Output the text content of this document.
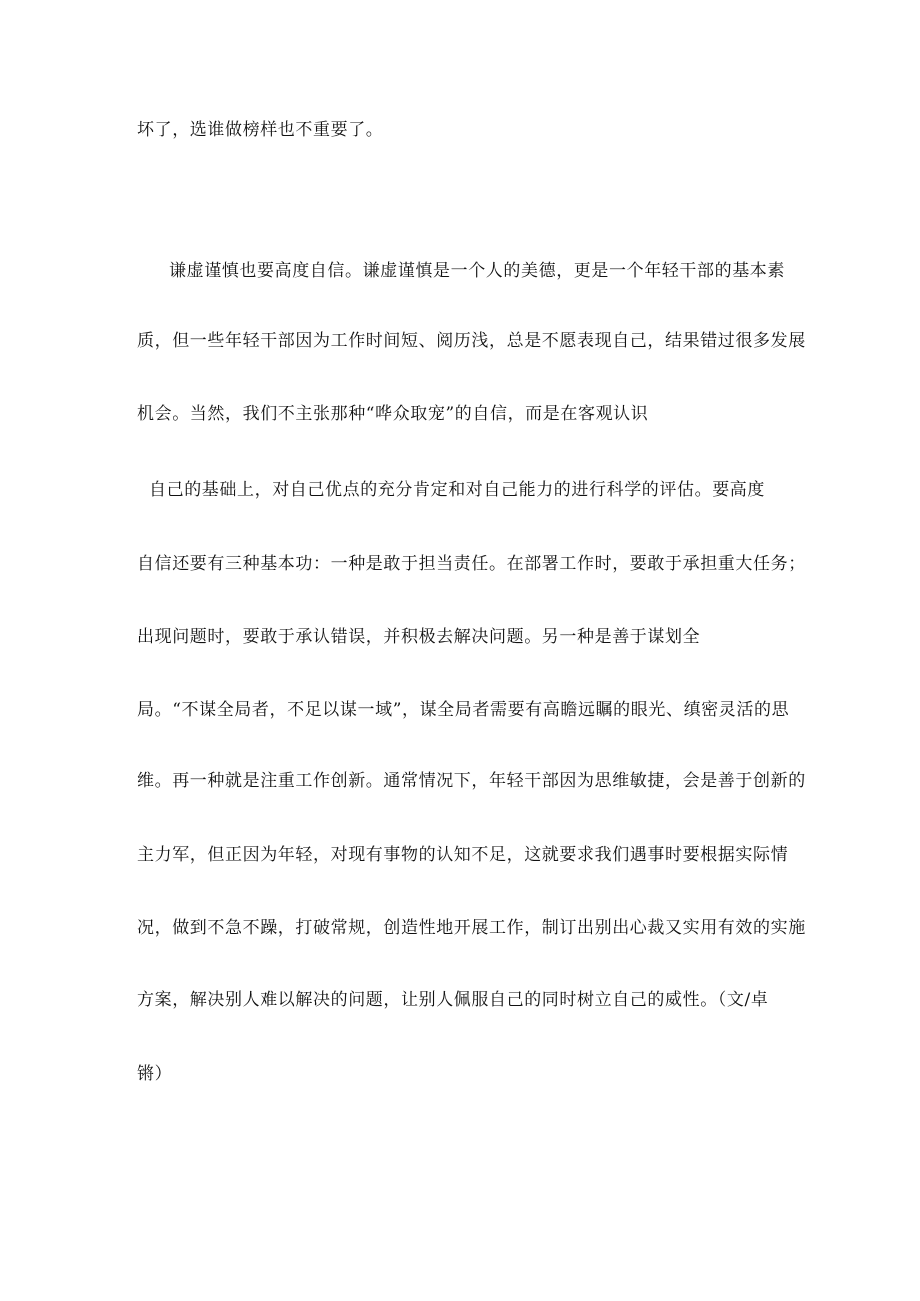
坏了，选谁做榜样也不重要了。
谦虚谨慎也要高度自信。谦虚谨慎是一个人的美德，更是一个年轻干部的基本素
质，但一些年轻干部因为工作时间短、阅历浅，总是不愿表现自己，结果错过很多发展
机会。当然，我们不主张那种“哗众取宠”的自信，而是在客观认识
自己的基础上，对自己优点的充分肯定和对自己能力的进行科学的评估。要高度
自信还要有三种基本功：一种是敢于担当责任。在部署工作时，要敢于承担重大任务；
出现问题时，要敢于承认错误，并积极去解决问题。另一种是善于谋划全
局。“不谋全局者，不足以谋一域”，谋全局者需要有高瞻远瞩的眼光、缜密灵活的思
维。再一种就是注重工作创新。通常情况下，年轻干部因为思维敏捷，会是善于创新的
主力军，但正因为年轻，对现有事物的认知不足，这就要求我们遇事时要根据实际情
况，做到不急不躁，打破常规，创造性地开展工作，制订出别出心裁又实用有效的实施
方案，解决别人难以解决的问题，让别人佩服自己的同时树立自己的威性。（文/卓
锵）
